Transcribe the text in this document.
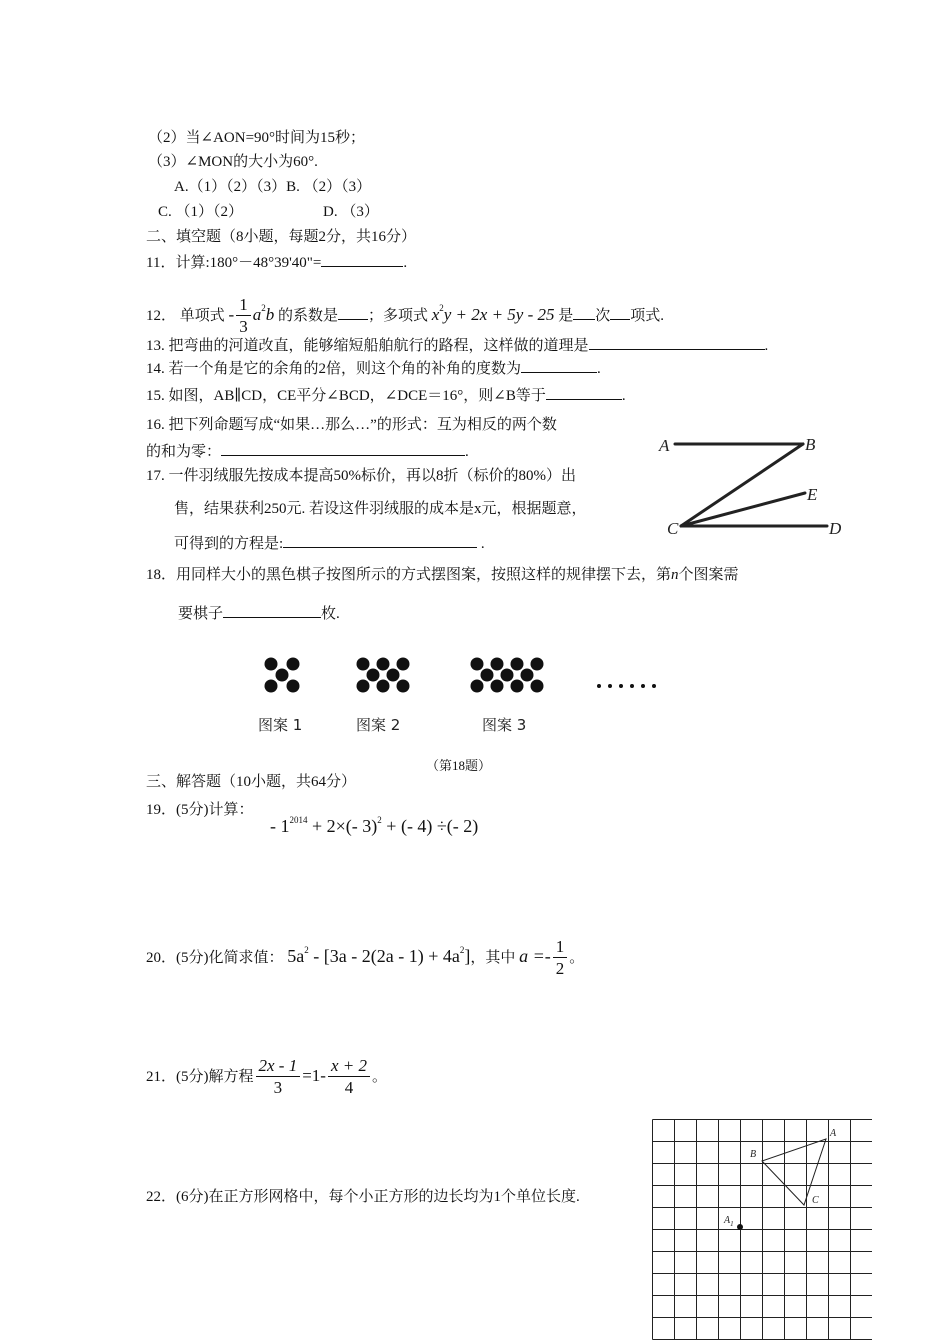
（2）当∠AON=90°时间为15秒；
（3）∠MON的大小为60°.
A.（1）（2）（3）B. （2）（3）
C. （1）（2）	D. （3）
二、填空题（8小题，每题2分，共16分）
11．计算:180°－48°39'40"=	.
12． 单项式 - $\frac{1}{3} a^2b$ 的系数是 ；多项式 $x^2y + 2x + 5y - 25$ 是 次 项式.
13. 把弯曲的河道改直，能够缩短船舶航行的路程，这样做的道理是	.
14. 若一个角是它的余角的2倍，则这个角的补角的度数为	.
15. 如图，AB∥CD，CE平分∠BCD，∠DCE＝16°，则∠B等于	.
16. 把下列命题写成“如果…那么…”的形式：互为相反的两个数
的和为零：	.
17. 一件羽绒服先按成本提高50%标价，再以8折（标价的80%）出
售，结果获利250元. 若设这件羽绒服的成本是x元，根据题意，
可得到的方程是:	.
A	B
E
C	D
18．用同样大小的黑色棋子按图所示的方式摆图案，按照这样的规律摆下去，第n个图案需
要棋子	枚.
图案 1	图案 2	图案 3
（第18题）
三、解答题（10小题，共64分）
19．(5分)计算：
- $1^{2014} + 2\times(-$ 3)$^2$ + (- 4) ÷(- 2)
20．(5分)化简求值： $5a^2 - [3a - 2(2a - 1) + 4a^2]$，其中 $a =- \frac{1}{2}$ 。
21．(5分)解方程 $\frac{2x - 1}{3} =1- \frac{x + 2}{4}$ 。
22．(6分)在正方形网格中，每个小正方形的边长均为1个单位长度.
A
B
C
$A_1$
